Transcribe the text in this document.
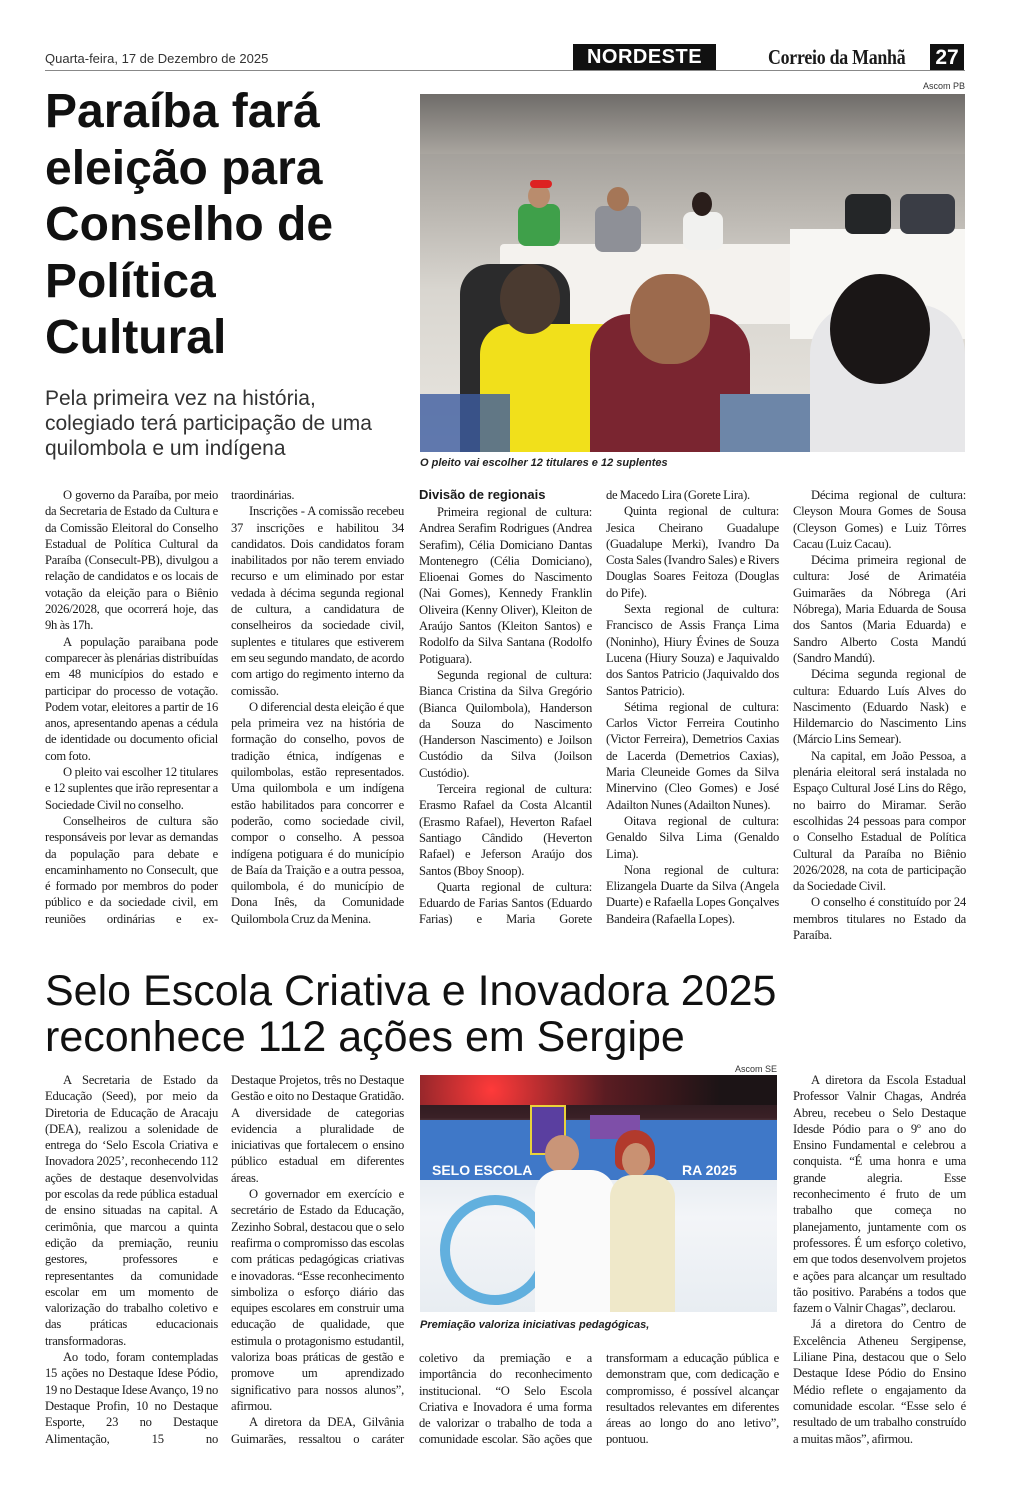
Quarta-feira, 17 de Dezembro de 2025	NORDESTE	Correio da Manhã 27
Paraíba fará eleição para Conselho de Política Cultural
Pela primeira vez na história, colegiado terá participação de uma quilombola e um indígena
Ascom PB
O pleito vai escolher 12 titulares e 12 suplentes

O governo da Paraíba, por meio da Secretaria de Estado da Cultura e da Comissão Eleitoral do Conselho Estadual de Política Cultural da Paraíba (Consecult-PB), divulgou a relação de candidatos e os locais de votação da eleição para o Biênio 2026/2028, que ocorrerá hoje, das 9h às 17h.

A população paraibana pode comparecer às plenárias distribuídas em 48 municípios do estado e participar do processo de votação. Podem votar, eleitores a partir de 16 anos, apresentando apenas a cédula de identidade ou documento oficial com foto.

O pleito vai escolher 12 titulares e 12 suplentes que irão representar a Sociedade Civil no conselho.

Conselheiros de cultura são responsáveis por levar as demandas da população para debate e encaminhamento no Consecult, que é formado por membros do poder público e da sociedade civil, em reuniões ordinárias e ex-

traordinárias.

Inscrições - A comissão recebeu 37 inscrições e habilitou 34 candidatos. Dois candidatos foram inabilitados por não terem enviado recurso e um eliminado por estar vedada à décima segunda regional de cultura, a candidatura de conselheiros da sociedade civil, suplentes e titulares que estiverem em seu segundo mandato, de acordo com artigo do regimento interno da comissão.

O diferencial desta eleição é que pela primeira vez na história de formação do conselho, povos de tradição étnica, indígenas e quilombolas, estão representados. Uma quilombola e um indígena estão habilitados para concorrer e poderão, como sociedade civil, compor o conselho. A pessoa indígena potiguara é do município de Baía da Traição e a outra pessoa, quilombola, é do município de Dona Inês, da Comunidade Quilombola Cruz da Menina.

Divisão de regionais

Primeira regional de cultura: Andrea Serafim Rodrigues (Andrea Serafim), Célia Domiciano Dantas Montenegro (Célia Domiciano), Elioenai Gomes do Nascimento (Nai Gomes), Kennedy Franklin Oliveira (Kenny Oliver), Kleiton de Araújo Santos (Kleiton Santos) e Rodolfo da Silva Santana (Rodolfo Potiguara).

Segunda regional de cultura: Bianca Cristina da Silva Gregório (Bianca Quilombola), Handerson da Souza do Nascimento (Handerson Nascimento) e Joilson Custódio da Silva (Joilson Custódio).

Terceira regional de cultura: Erasmo Rafael da Costa Alcantil (Erasmo Rafael), Heverton Rafael Santiago Cândido (Heverton Rafael) e Jeferson Araújo dos Santos (Bboy Snoop).

Quarta regional de cultura: Eduardo de Farias Santos (Eduardo Farias) e Maria Gorete

de Macedo Lira (Gorete Lira).

Quinta regional de cultura: Jesica Cheirano Guadalupe (Guadalupe Merki), Ivandro Da Costa Sales (Ivandro Sales) e Rivers Douglas Soares Feitoza (Douglas do Pife).

Sexta regional de cultura: Francisco de Assis França Lima (Noninho), Hiury Évines de Souza Lucena (Hiury Souza) e Jaquivaldo dos Santos Patricio (Jaquivaldo dos Santos Patricio).

Sétima regional de cultura: Carlos Victor Ferreira Coutinho (Victor Ferreira), Demetrios Caxias de Lacerda (Demetrios Caxias), Maria Cleuneide Gomes da Silva Minervino (Cleo Gomes) e José Adailton Nunes (Adailton Nunes).

Oitava regional de cultura: Genaldo Silva Lima (Genaldo Lima).

Nona regional de cultura: Elizangela Duarte da Silva (Angela Duarte) e Rafaella Lopes Gonçalves Bandeira (Rafaella Lopes).

Décima regional de cultura: Cleyson Moura Gomes de Sousa (Cleyson Gomes) e Luiz Tôrres Cacau (Luiz Cacau).

Décima primeira regional de cultura: José de Arimatéia Guimarães da Nóbrega (Ari Nóbrega), Maria Eduarda de Sousa dos Santos (Maria Eduarda) e Sandro Alberto Costa Mandú (Sandro Mandú).

Décima segunda regional de cultura: Eduardo Luís Alves do Nascimento (Eduardo Nask) e Hildemarcio do Nascimento Lins (Márcio Lins Semear).

Na capital, em João Pessoa, a plenária eleitoral será instalada no Espaço Cultural José Lins do Rêgo, no bairro do Miramar. Serão escolhidas 24 pessoas para compor o Conselho Estadual de Política Cultural da Paraíba no Biênio 2026/2028, na cota de participação da Sociedade Civil.

O conselho é constituído por 24 membros titulares no Estado da Paraíba.

Selo Escola Criativa e Inovadora 2025 reconhece 112 ações em Sergipe

A Secretaria de Estado da Educação (Seed), por meio da Diretoria de Educação de Aracaju (DEA), realizou a solenidade de entrega do ‘Selo Escola Criativa e Inovadora 2025’, reconhecendo 112 ações de destaque desenvolvidas por escolas da rede pública estadual de ensino situadas na capital. A cerimônia, que marcou a quinta edição da premiação, reuniu gestores, professores e representantes da comunidade escolar em um momento de valorização do trabalho coletivo e das práticas educacionais transformadoras.

Ao todo, foram contempladas 15 ações no Destaque Idese Pódio, 19 no Destaque Idese Avanço, 19 no Destaque Profin, 10 no Destaque Esporte, 23 no Destaque Alimentação, 15 no

Destaque Projetos, três no Destaque Gestão e oito no Destaque Gratidão. A diversidade de categorias evidencia a pluralidade de iniciativas que fortalecem o ensino público estadual em diferentes áreas.

O governador em exercício e secretário de Estado da Educação, Zezinho Sobral, destacou que o selo reafirma o compromisso das escolas com práticas pedagógicas criativas e inovadoras. “Esse reconhecimento simboliza o esforço diário das equipes escolares em construir uma educação de qualidade, que estimula o protagonismo estudantil, valoriza boas práticas de gestão e promove um aprendizado significativo para nossos alunos”, afirmou.

A diretora da DEA, Gilvânia Guimarães, ressaltou o caráter

Ascom SE
SELO ESCOLA	RA 2025
Premiação valoriza iniciativas pedagógicas,

coletivo da premiação e a importância do reconhecimento institucional. “O Selo Escola Criativa e Inovadora é uma forma de valorizar o trabalho de toda a comunidade escolar. São ações que

transformam a educação pública e demonstram que, com dedicação e compromisso, é possível alcançar resultados relevantes em diferentes áreas ao longo do ano letivo”, pontuou.

A diretora da Escola Estadual Professor Valnir Chagas, Andréa Abreu, recebeu o Selo Destaque Idesde Pódio para o 9º ano do Ensino Fundamental e celebrou a conquista. “É uma honra e uma grande alegria. Esse reconhecimento é fruto de um trabalho que começa no planejamento, juntamente com os professores. É um esforço coletivo, em que todos desenvolvem projetos e ações para alcançar um resultado tão positivo. Parabéns a todos que fazem o Valnir Chagas”, declarou.

Já a diretora do Centro de Excelência Atheneu Sergipense, Liliane Pina, destacou que o Selo Destaque Idese Pódio do Ensino Médio reflete o engajamento da comunidade escolar. “Esse selo é resultado de um trabalho construído a muitas mãos”, afirmou.
